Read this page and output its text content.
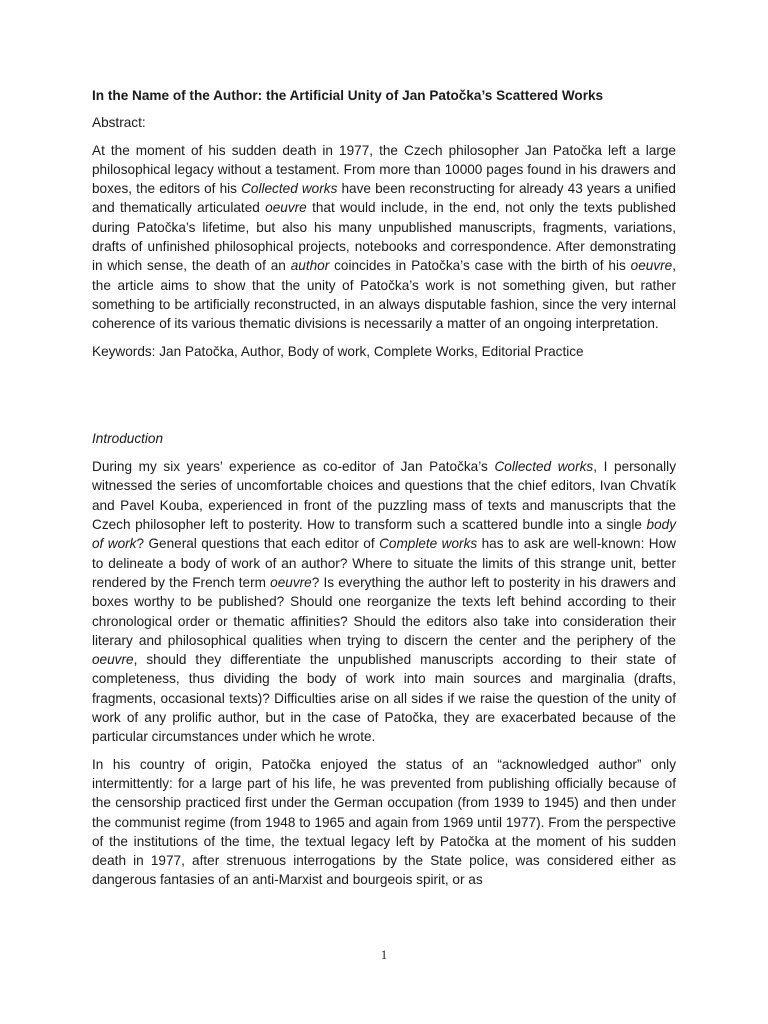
In the Name of the Author: the Artificial Unity of Jan Patočka’s Scattered Works
Abstract:

At the moment of his sudden death in 1977, the Czech philosopher Jan Patočka left a large philosophical legacy without a testament. From more than 10000 pages found in his drawers and boxes, the editors of his Collected works have been reconstructing for already 43 years a unified and thematically articulated oeuvre that would include, in the end, not only the texts published during Patočka’s lifetime, but also his many unpublished manuscripts, fragments, variations, drafts of unfinished philosophical projects, notebooks and correspondence. After demonstrating in which sense, the death of an author coincides in Patočka’s case with the birth of his oeuvre, the article aims to show that the unity of Patočka’s work is not something given, but rather something to be artificially reconstructed, in an always disputable fashion, since the very internal coherence of its various thematic divisions is necessarily a matter of an ongoing interpretation.

Keywords: Jan Patočka, Author, Body of work, Complete Works, Editorial Practice

Introduction

During my six years’ experience as co-editor of Jan Patočka’s Collected works, I personally witnessed the series of uncomfortable choices and questions that the chief editors, Ivan Chvatík and Pavel Kouba, experienced in front of the puzzling mass of texts and manuscripts that the Czech philosopher left to posterity. How to transform such a scattered bundle into a single body of work? General questions that each editor of Complete works has to ask are well-known: How to delineate a body of work of an author? Where to situate the limits of this strange unit, better rendered by the French term oeuvre? Is everything the author left to posterity in his drawers and boxes worthy to be published? Should one reorganize the texts left behind according to their chronological order or thematic affinities? Should the editors also take into consideration their literary and philosophical qualities when trying to discern the center and the periphery of the oeuvre, should they differentiate the unpublished manuscripts according to their state of completeness, thus dividing the body of work into main sources and marginalia (drafts, fragments, occasional texts)? Difficulties arise on all sides if we raise the question of the unity of work of any prolific author, but in the case of Patočka, they are exacerbated because of the particular circumstances under which he wrote.

In his country of origin, Patočka enjoyed the status of an “acknowledged author” only intermittently: for a large part of his life, he was prevented from publishing officially because of the censorship practiced first under the German occupation (from 1939 to 1945) and then under the communist regime (from 1948 to 1965 and again from 1969 until 1977). From the perspective of the institutions of the time, the textual legacy left by Patočka at the moment of his sudden death in 1977, after strenuous interrogations by the State police, was considered either as dangerous fantasies of an anti-Marxist and bourgeois spirit, or as

1
